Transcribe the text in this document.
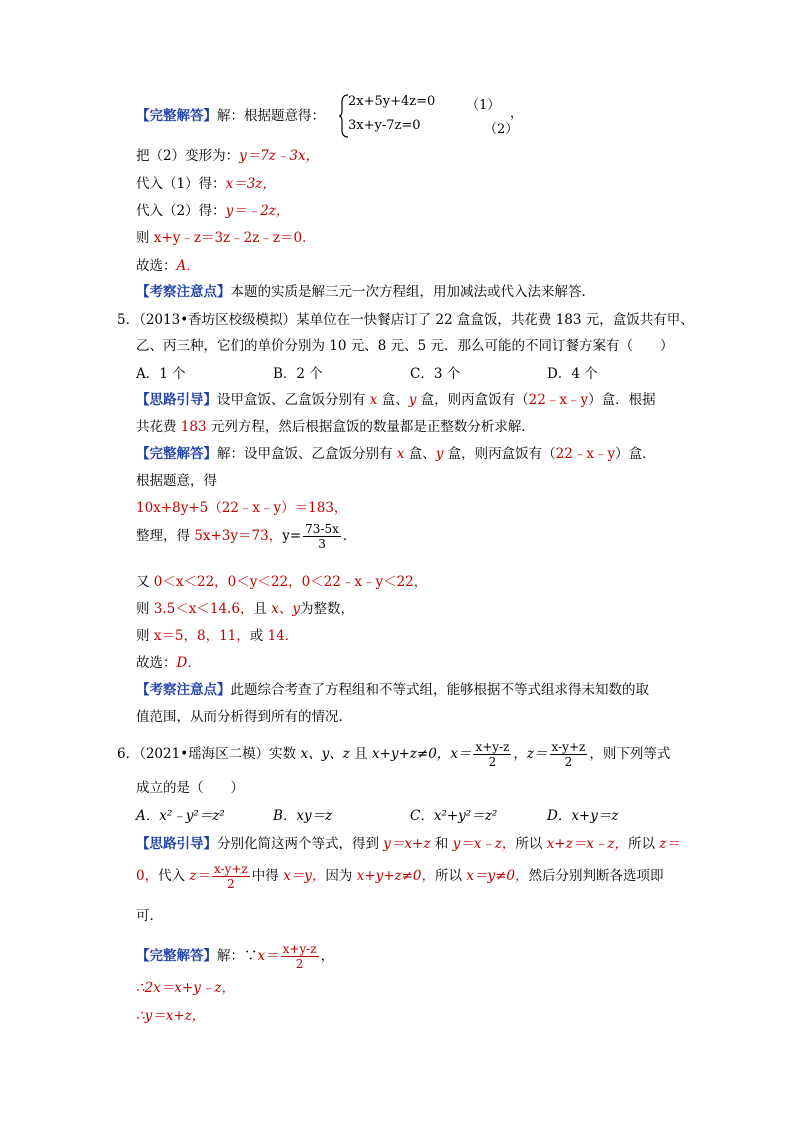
【完整解答】解：根据题意得：
2x+5y+4z=0 （1）
3x+y-7z=0	（2）
，
把（2）变形为：y＝7z﹣3x，
代入（1）得：x＝3z，
代入（2）得：y＝﹣2z，
则 x+y﹣z＝3z﹣2z﹣z＝0．
故选：A．
【考察注意点】本题的实质是解三元一次方程组，用加减法或代入法来解答．
5．（2013•香坊区校级模拟）某单位在一快餐店订了 22 盒盒饭，共花费 183 元，盒饭共有甲、
乙、丙三种，它们的单价分别为 10 元、8 元、5 元．那么可能的不同订餐方案有（　　）
A．1 个	B．2 个	C．3 个	D．4 个
【思路引导】设甲盒饭、乙盒饭分别有 x 盒、y 盒，则丙盒饭有（22﹣x﹣y）盒．根据
共花费 183 元列方程，然后根据盒饭的数量都是正整数分析求解．
【完整解答】解：设甲盒饭、乙盒饭分别有 x 盒、y 盒，则丙盒饭有（22﹣x﹣y）盒．
根据题意，得
10x+8y+5（22﹣x﹣y）＝183，
整理，得 5x+3y＝73，$y= \frac{73-5x}{3}$ ．
又 0＜x＜22，0＜y＜22，0＜22﹣x﹣y＜22，
则 3.5＜x＜14.6，且 x、y为整数，
则 x＝5，8，11，或 14．
故选：D．
【考察注意点】此题综合考查了方程组和不等式组，能够根据不等式组求得未知数的取
值范围，从而分析得到所有的情况．
6．（2021•瑶海区二模）实数 x、y、z 且 x+y+z≠0，$x= \frac{x+y-z}{2}$ ，$z= \frac{x-y+z}{2}$ ，则下列等式
成立的是（　　）
A．x²﹣y²＝z²	B．xy＝z	C．x²+y²＝z²	D．x+y＝z
【思路引导】分别化简这两个等式，得到 y＝x+z 和 y＝x﹣z，所以 x+z＝x﹣z，所以 z＝
0，代入 $z= \frac{x-y+z}{2}$ 中得 x＝y，因为 x+y+z≠0，所以 x＝y≠0，然后分别判断各选项即
可．
【完整解答】解：∵x＝ $\frac{x+y-z}{2}$ ，
∴2x＝x+y﹣z，
∴y＝x+z，
